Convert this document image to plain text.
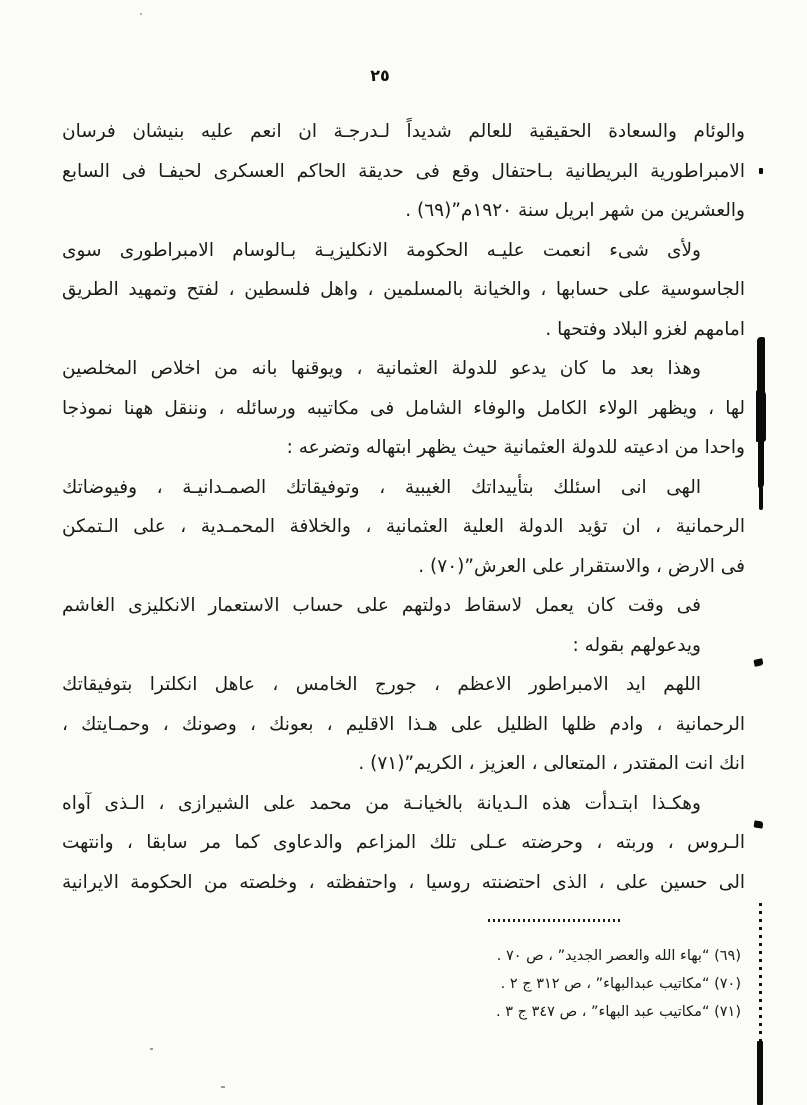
٢٥
والوئام والسعادة الحقيقية للعالم شديداً لـدرجـة ان انعم عليه بنيشان فرسان
الامبراطورية البريطانية بـاحتفال وقع فى حديقة الحاكم العسكرى لحيفـا فى السابع
والعشرين من شهر ابريل سنة ١٩٢٠م”(٦٩) .
ولأى شىء انعمت عليـه الحكومة الانكليزيـة بـالوسام الامبراطورى سوى
الجاسوسية على حسابها ، والخيانة بالمسلمين ، واهل فلسطين ، لفتح وتمهيد الطريق
امامهم لغزو البلاد وفتحها .
وهذا بعد ما كان يدعو للدولة العثمانية ، ويوقنها بانه من اخلاص المخلصين
لها ، ويظهر الولاء الكامل والوفاء الشامل فى مكاتيبه ورسائله ، وننقل ههنا نموذجا
واحدا من ادعيته للدولة العثمانية حيث يظهر ابتهاله وتضرعه :
الهى انى اسئلك بتأييداتك الغيبية ، وتوفيقاتك الصمـدانيـة ، وفيوضاتك
الرحمانية ، ان تؤيد الدولة العلية العثمانية ، والخلافة المحمـدية ، على الـتمكن
فى الارض ، والاستقرار على العرش”(٧٠) .
فى وقت كان يعمل لاسقاط دولتهم على حساب الاستعمار الانكليزى الغاشم
ويدعولهم بقوله :
اللهم ايد الامبراطور الاعظم ، جورج الخامس ، عاهل انكلترا بتوفيقاتك
الرحمانية ، وادم ظلها الظليل على هـذا الاقليم ، بعونك ، وصونك ، وحمـايتك ،
انك انت المقتدر ، المتعالى ، العزيز ، الكريم”(٧١) .
وهكـذا ابتـدأت هذه الـديانة بالخيانـة من محمد على الشيرازى ، الـذى آواه
الـروس ، وربته ، وحرضته عـلى تلك المزاعم والدعاوى كما مر سابقا ، وانتهت
الى حسين على ، الذى احتضنته روسيا ، واحتفظته ، وخلصته من الحكومة الايرانية
(٦٩) “بهاء الله والعصر الجديد” ، ص ٧٠ .
(٧٠) “مكاتيب عبدالبهاء” ، ص ٣١٢ ج ٢ .
(٧١) “مكاتيب عبد البهاء” ، ص ٣٤٧ ج ٣ .
